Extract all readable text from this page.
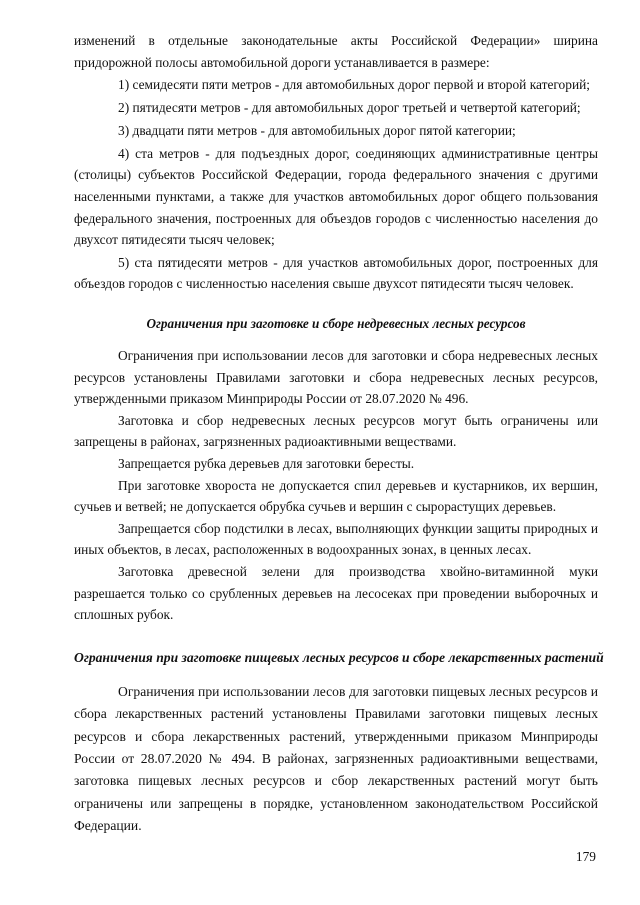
изменений в отдельные законодательные акты Российской Федерации» ширина придорожной полосы автомобильной дороги устанавливается в размере:

1) семидесяти пяти метров - для автомобильных дорог первой и второй категорий;

2) пятидесяти метров - для автомобильных дорог третьей и четвертой категорий;

3) двадцати пяти метров - для автомобильных дорог пятой категории;

4) ста метров - для подъездных дорог, соединяющих административные центры (столицы) субъектов Российской Федерации, города федерального значения с другими населенными пунктами, а также для участков автомобильных дорог общего пользования федерального значения, построенных для объездов городов с численностью населения до двухсот пятидесяти тысяч человек;

5) ста пятидесяти метров - для участков автомобильных дорог, построенных для объездов городов с численностью населения свыше двухсот пятидесяти тысяч человек.

Ограничения при заготовке и сборе недревесных лесных ресурсов

Ограничения при использовании лесов для заготовки и сбора недревесных лесных ресурсов установлены Правилами заготовки и сбора недревесных лесных ресурсов, утвержденными приказом Минприроды России от 28.07.2020 № 496.

Заготовка и сбор недревесных лесных ресурсов могут быть ограничены или запрещены в районах, загрязненных радиоактивными веществами.

Запрещается рубка деревьев для заготовки бересты.

При заготовке хвороста не допускается спил деревьев и кустарников, их вершин, сучьев и ветвей; не допускается обрубка сучьев и вершин с сырорастущих деревьев.

Запрещается сбор подстилки в лесах, выполняющих функции защиты природных и иных объектов, в лесах, расположенных в водоохранных зонах, в ценных лесах.

Заготовка древесной зелени для производства хвойно-витаминной муки разрешается только со срубленных деревьев на лесосеках при проведении выборочных и сплошных рубок.

Ограничения при заготовке пищевых лесных ресурсов и сборе лекарственных растений

Ограничения при использовании лесов для заготовки пищевых лесных ресурсов и сбора лекарственных растений установлены Правилами заготовки пищевых лесных ресурсов и сбора лекарственных растений, утвержденными приказом Минприроды России от 28.07.2020 № 494. В районах, загрязненных радиоактивными веществами, заготовка пищевых лесных ресурсов и сбор лекарственных растений могут быть ограничены или запрещены в порядке, установленном законодательством Российской Федерации.

179
